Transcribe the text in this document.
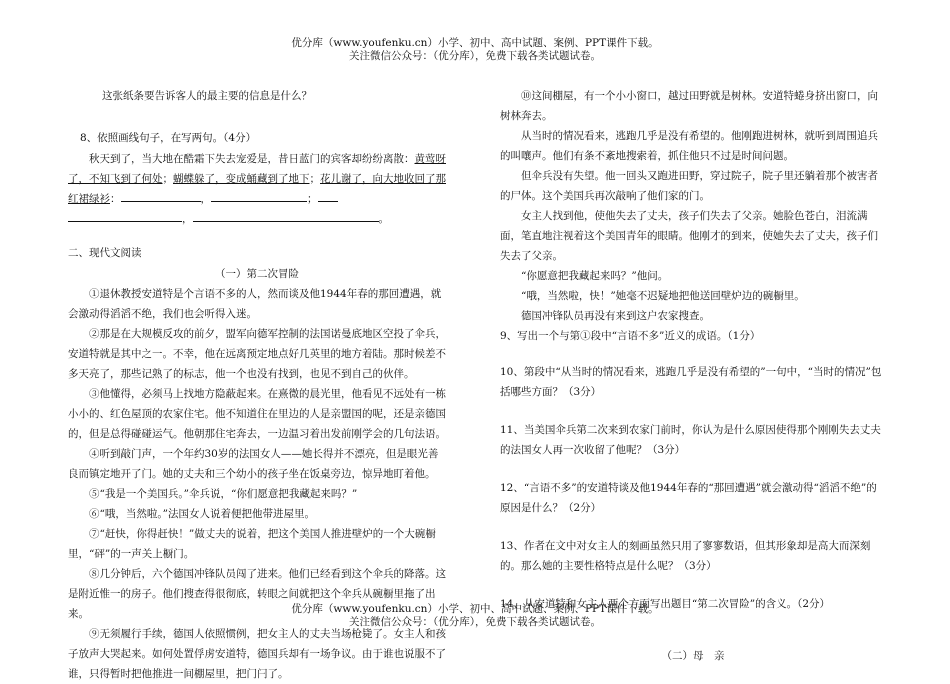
优分库（www.youfenku.cn）小学、初中、高中试题、案例、PPT课件下载。
关注微信公众号：（优分库），免费下载各类试题试卷。

这张纸条要告诉客人的最主要的信息是什么？

8、依照画线句子，在写两句。（4分）

秋天到了，当大地在酷霜下失去宠爱是，昔日蓝门的宾客却纷纷离散：黄莺呀了，不知飞到了何处；蝴蝶躲了，变成蛹藏到了地下；花儿谢了，向大地收回了那红裙绿衫：	，	；
，	。

二、现代文阅读

（一）第二次冒险

①退休教授安道特是个言语不多的人，然而谈及他1944年春的那回遭遇，就会激动得滔滔不绝，我们也会听得入迷。

②那是在大规模反攻的前夕，盟军向德军控制的法国诺曼底地区空投了伞兵，安道特就是其中之一。不幸，他在远离预定地点好几英里的地方着陆。那时候差不多天亮了，那些记熟了的标志，他一个也没有找到，也见不到自己的伙伴。

③他懂得，必须马上找地方隐蔽起来。在熹微的晨光里，他看见不远处有一栋小小的、红色屋顶的农家住宅。他不知道住在里边的人是亲盟国的呢，还是亲德国的，但是总得碰碰运气。他朝那住宅奔去，一边温习着出发前刚学会的几句法语。

④听到敲门声，一个年约30岁的法国女人——她长得并不漂亮，但是眼光善良而镇定地开了门。她的丈夫和三个幼小的孩子坐在饭桌旁边，惊异地盯着他。

⑤“我是一个美国兵。”伞兵说，“你们愿意把我藏起来吗？”

⑥“哦，当然啦。”法国女人说着便把他带进屋里。

⑦“赶快，你得赶快！”做丈夫的说着，把这个美国人推进壁炉的一个大碗橱里，“砰”的一声关上橱门。

⑧几分钟后，六个德国冲锋队员闯了进来。他们已经看到这个伞兵的降落。这是附近惟一的房子。他们搜查得很彻底，转眼之间就把这个伞兵从碗橱里拖了出来。

⑨无须履行手续，德国人依照惯例，把女主人的丈夫当场枪毙了。女主人和孩子放声大哭起来。如何处置俘虏安道特，德国兵却有一场争议。由于谁也说服不了谁，只得暂时把他推进一间棚屋里，把门闩了。

⑩这间棚屋，有一个小小窗口，越过田野就是树林。安道特蜷身挤出窗口，向树林奔去。

从当时的情况看来，逃跑几乎是没有希望的。他刚跑进树林，就听到周围追兵的叫嚷声。他们有条不紊地搜索着，抓住他只不过是时间问题。

但伞兵没有失望。他一回头又跑进田野，穿过院子，院子里还躺着那个被害者的尸体。这个美国兵再次敲响了他们家的门。

女主人找到他，使他失去了丈夫，孩子们失去了父亲。她脸色苍白，泪流满面，笔直地注视着这个美国青年的眼睛。他刚才的到来，使她失去了丈夫，孩子们失去了父亲。

“你愿意把我藏起来吗？”他问。

“哦，当然啦，快！”她毫不迟疑地把他送回壁炉边的碗橱里。

德国冲锋队员再没有来到这户农家搜查。

9、写出一个与第①段中“言语不多”近义的成语。（1分）

10、第段中“从当时的情况看来，逃跑几乎是没有希望的”一句中，“当时的情况”包括哪些方面？（3分）

11、当美国伞兵第二次来到农家门前时，你认为是什么原因使得那个刚刚失去丈夫的法国女人再一次收留了他呢？（3分）

12、“言语不多”的安道特谈及他1944年春的“那回遭遇”就会激动得“滔滔不绝”的原因是什么？（2分）

13、作者在文中对女主人的刻画虽然只用了寥寥数语，但其形象却是高大而深刻的。那么她的主要性格特点是什么呢？（3分）

14、从安道特和女主人两个方面写出题目“第二次冒险”的含义。（2分）

（二）母　亲

优分库（www.youfenku.cn）小学、初中、高中试题、案例、PPT课件下载。
关注微信公众号：（优分库），免费下载各类试题试卷。
